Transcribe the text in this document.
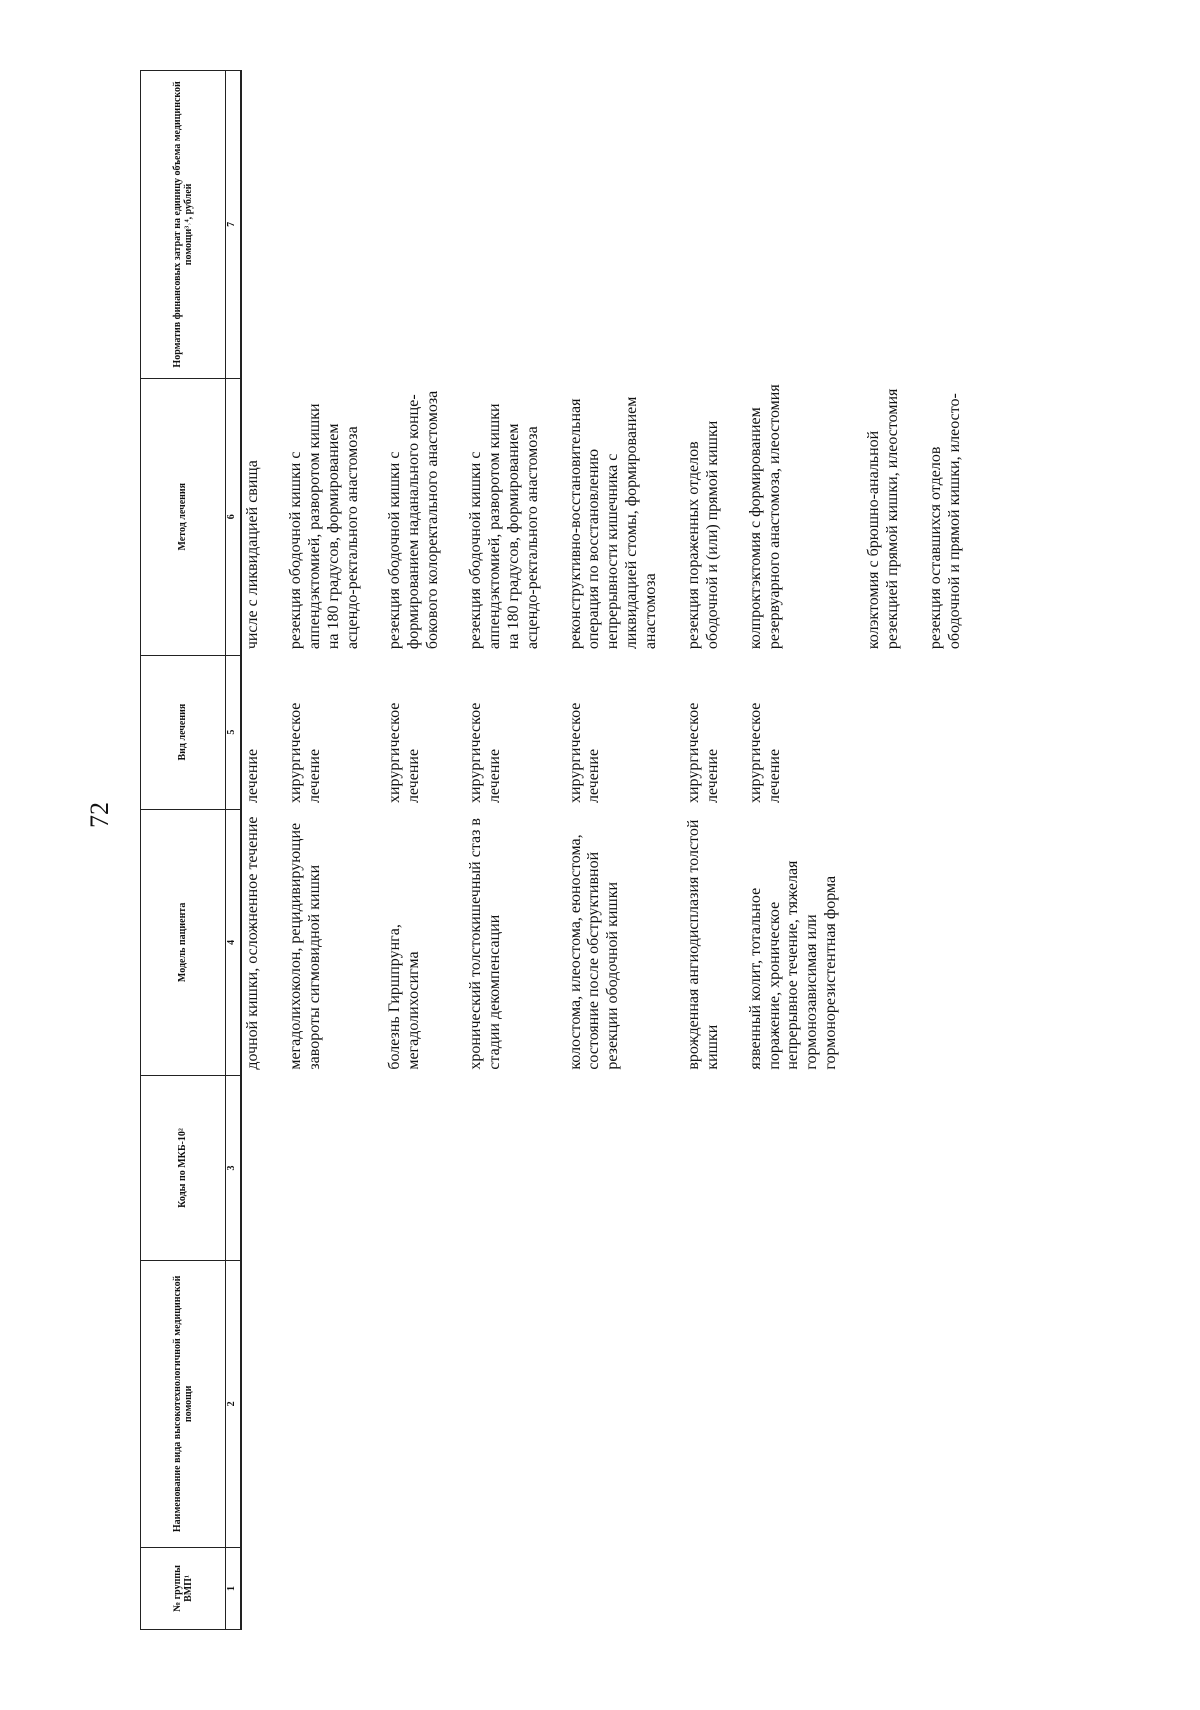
72
№ группы ВМП¹	Наименование вида высокотехнологичной медицинской помощи	Коды по МКБ-10²	Модель пациента	Вид лечения	Метод лечения	Норматив финансовых затрат на единицу объема медицинской помощи³˒⁴, рублей
1	2	3	4	5	6	7
			дочной кишки, осложненное течение	лечение	числе с ликвидацией свища	
			мегадолихоколон, рецидивирующие завороты сигмовидной кишки	хирургическое лечение	резекция ободочной кишки с аппендэктомией, разворотом кишки на 180 градусов, формированием асцендо-ректального анастомоза	
			болезнь Гиршпрунга, мегадолихосигма	хирургическое лечение	резекция ободочной кишки с формированием наданального конце-бокового колоректального анастомоза	
			хронический толстокишечный стаз в стадии декомпенсации	хирургическое лечение	резекция ободочной кишки с аппендэктомией, разворотом кишки на 180 градусов, формированием асцендо-ректального анастомоза	
			колостома, илеостома, еюностома, состояние после обструктивной резекции ободочной кишки	хирургическое лечение	реконструктивно-восстановительная операция по восстановлению непрерывности кишечника с ликвидацией стомы, формированием анастомоза	
			врожденная ангиодисплазия толстой кишки	хирургическое лечение	резекция пораженных отделов ободочной и (или) прямой кишки	
			язвенный колит, тотальное поражение, хроническое непрерывное течение, тяжелая гормонозависимая или гормонорезистентная форма	хирургическое лечение	колпроктэктомия с формированием резервуарного анастомоза, илеостомия	
					колэктомия с брюшно-анальной резекцией прямой кишки, илеостомия	
					резекция оставшихся отделов ободочной и прямой кишки, илеосто-	
